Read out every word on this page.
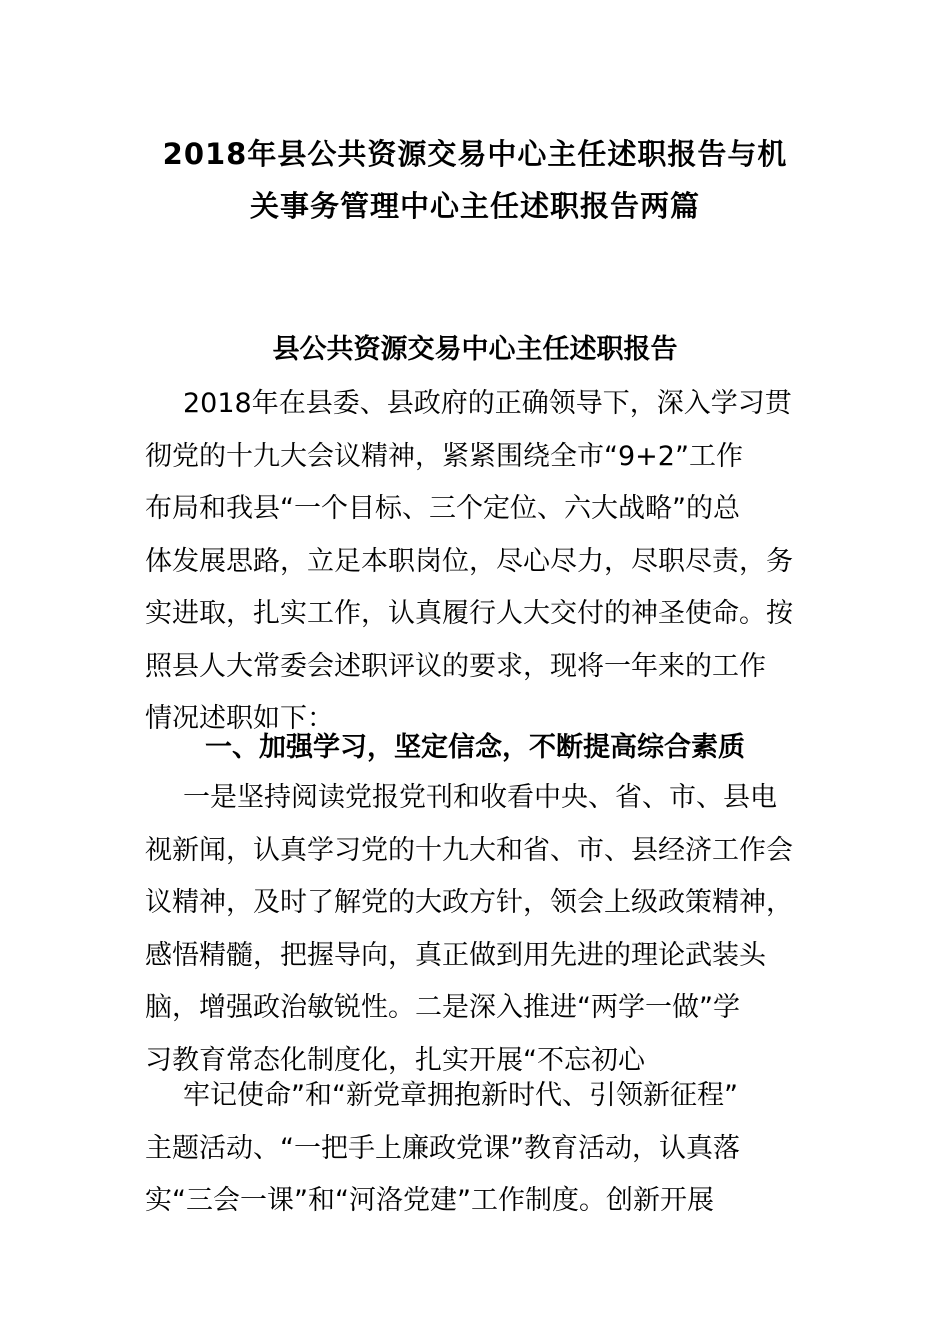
2018年县公共资源交易中心主任述职报告与机
关事务管理中心主任述职报告两篇
县公共资源交易中心主任述职报告

2018年在县委、县政府的正确领导下，深入学习贯
彻党的十九大会议精神，紧紧围绕全市“9+2”工作
布局和我县“一个目标、三个定位、六大战略”的总
体发展思路，立足本职岗位，尽心尽力，尽职尽责，务
实进取，扎实工作，认真履行人大交付的神圣使命。按
照县人大常委会述职评议的要求，现将一年来的工作
情况述职如下：

一、加强学习，坚定信念，不断提高综合素质

一是坚持阅读党报党刊和收看中央、省、市、县电
视新闻，认真学习党的十九大和省、市、县经济工作会
议精神，及时了解党的大政方针，领会上级政策精神，
感悟精髓，把握导向，真正做到用先进的理论武装头
脑，增强政治敏锐性。二是深入推进“两学一做”学
习教育常态化制度化，扎实开展“不忘初心

牢记使命”和“新党章拥抱新时代、引领新征程”
主题活动、“一把手上廉政党课”教育活动，认真落
实“三会一课”和“河洛党建”工作制度。创新开展
